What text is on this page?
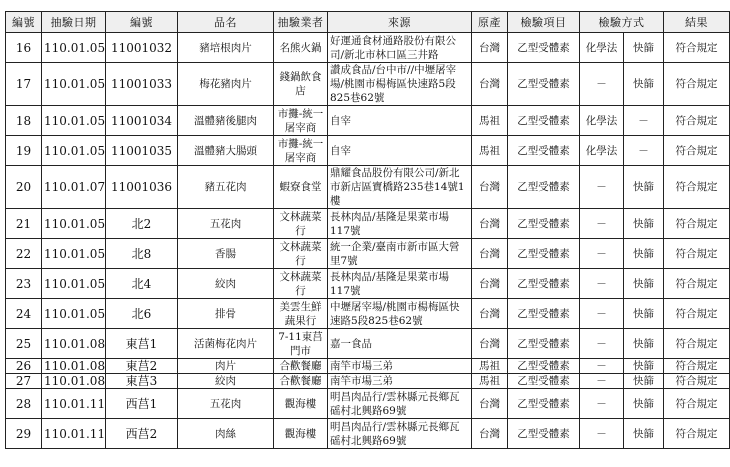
編號	抽驗日期	編號	品名	抽驗業者	來源	原產	檢驗項目	檢驗方式		結果
16	110.01.05	11001032	豬培根肉片	名熊火鍋	好運通食材通路股份有限公司/新北市林口區三井路	台灣	乙型受體素	化學法	快篩	符合規定
17	110.01.05	11001033	梅花豬肉片	錢鍋飲食店	讚成食品/台中市//中壢屠宰場/桃園市楊梅區快速路5段825巷62號	台灣	乙型受體素	－	快篩	符合規定
18	110.01.05	11001034	溫體豬後腿肉	市攤-統一屠宰商	自宰	馬祖	乙型受體素	化學法	－	符合規定
19	110.01.05	11001035	溫體豬大腸頭	市攤-統一屠宰商	自宰	馬祖	乙型受體素	化學法	－	符合規定
20	110.01.07	11001036	豬五花肉	蝦寮食堂	鼎耀食品股份有限公司/新北市新店區寶橋路235巷14號1樓	台灣	乙型受體素	－	快篩	符合規定
21	110.01.05	北2	五花肉	文林蔬菜行	長林肉品/基隆是果菜市場117號	台灣	乙型受體素	－	快篩	符合規定
22	110.01.05	北8	香腸	文林蔬菜行	統一企業/臺南市新市區大營里7號	台灣	乙型受體素	－	快篩	符合規定
23	110.01.05	北4	絞肉	文林蔬菜行	長林肉品/基隆是果菜市場117號	台灣	乙型受體素	－	快篩	符合規定
24	110.01.05	北6	排骨	美雲生鮮蔬果行	中壢屠宰場/桃園市楊梅區快速路5段825巷62號	台灣	乙型受體素	－	快篩	符合規定
25	110.01.08	東莒1	活菌梅花肉片	7-11東莒門市	嘉一食品	台灣	乙型受體素	－	快篩	符合規定
26	110.01.08	東莒2	肉片	合歡餐廳	南竿市場三弟	馬祖	乙型受體素	－	快篩	符合規定
27	110.01.08	東莒3	絞肉	合歡餐廳	南竿市場三弟	馬祖	乙型受體素	－	快篩	符合規定
28	110.01.11	西莒1	五花肉	觀海樓	明昌肉品行/雲林縣元長鄉瓦磘村北興路69號	台灣	乙型受體素	－	快篩	符合規定
29	110.01.11	西莒2	肉絲	觀海樓	明昌肉品行/雲林縣元長鄉瓦磘村北興路69號	台灣	乙型受體素	－	快篩	符合規定
